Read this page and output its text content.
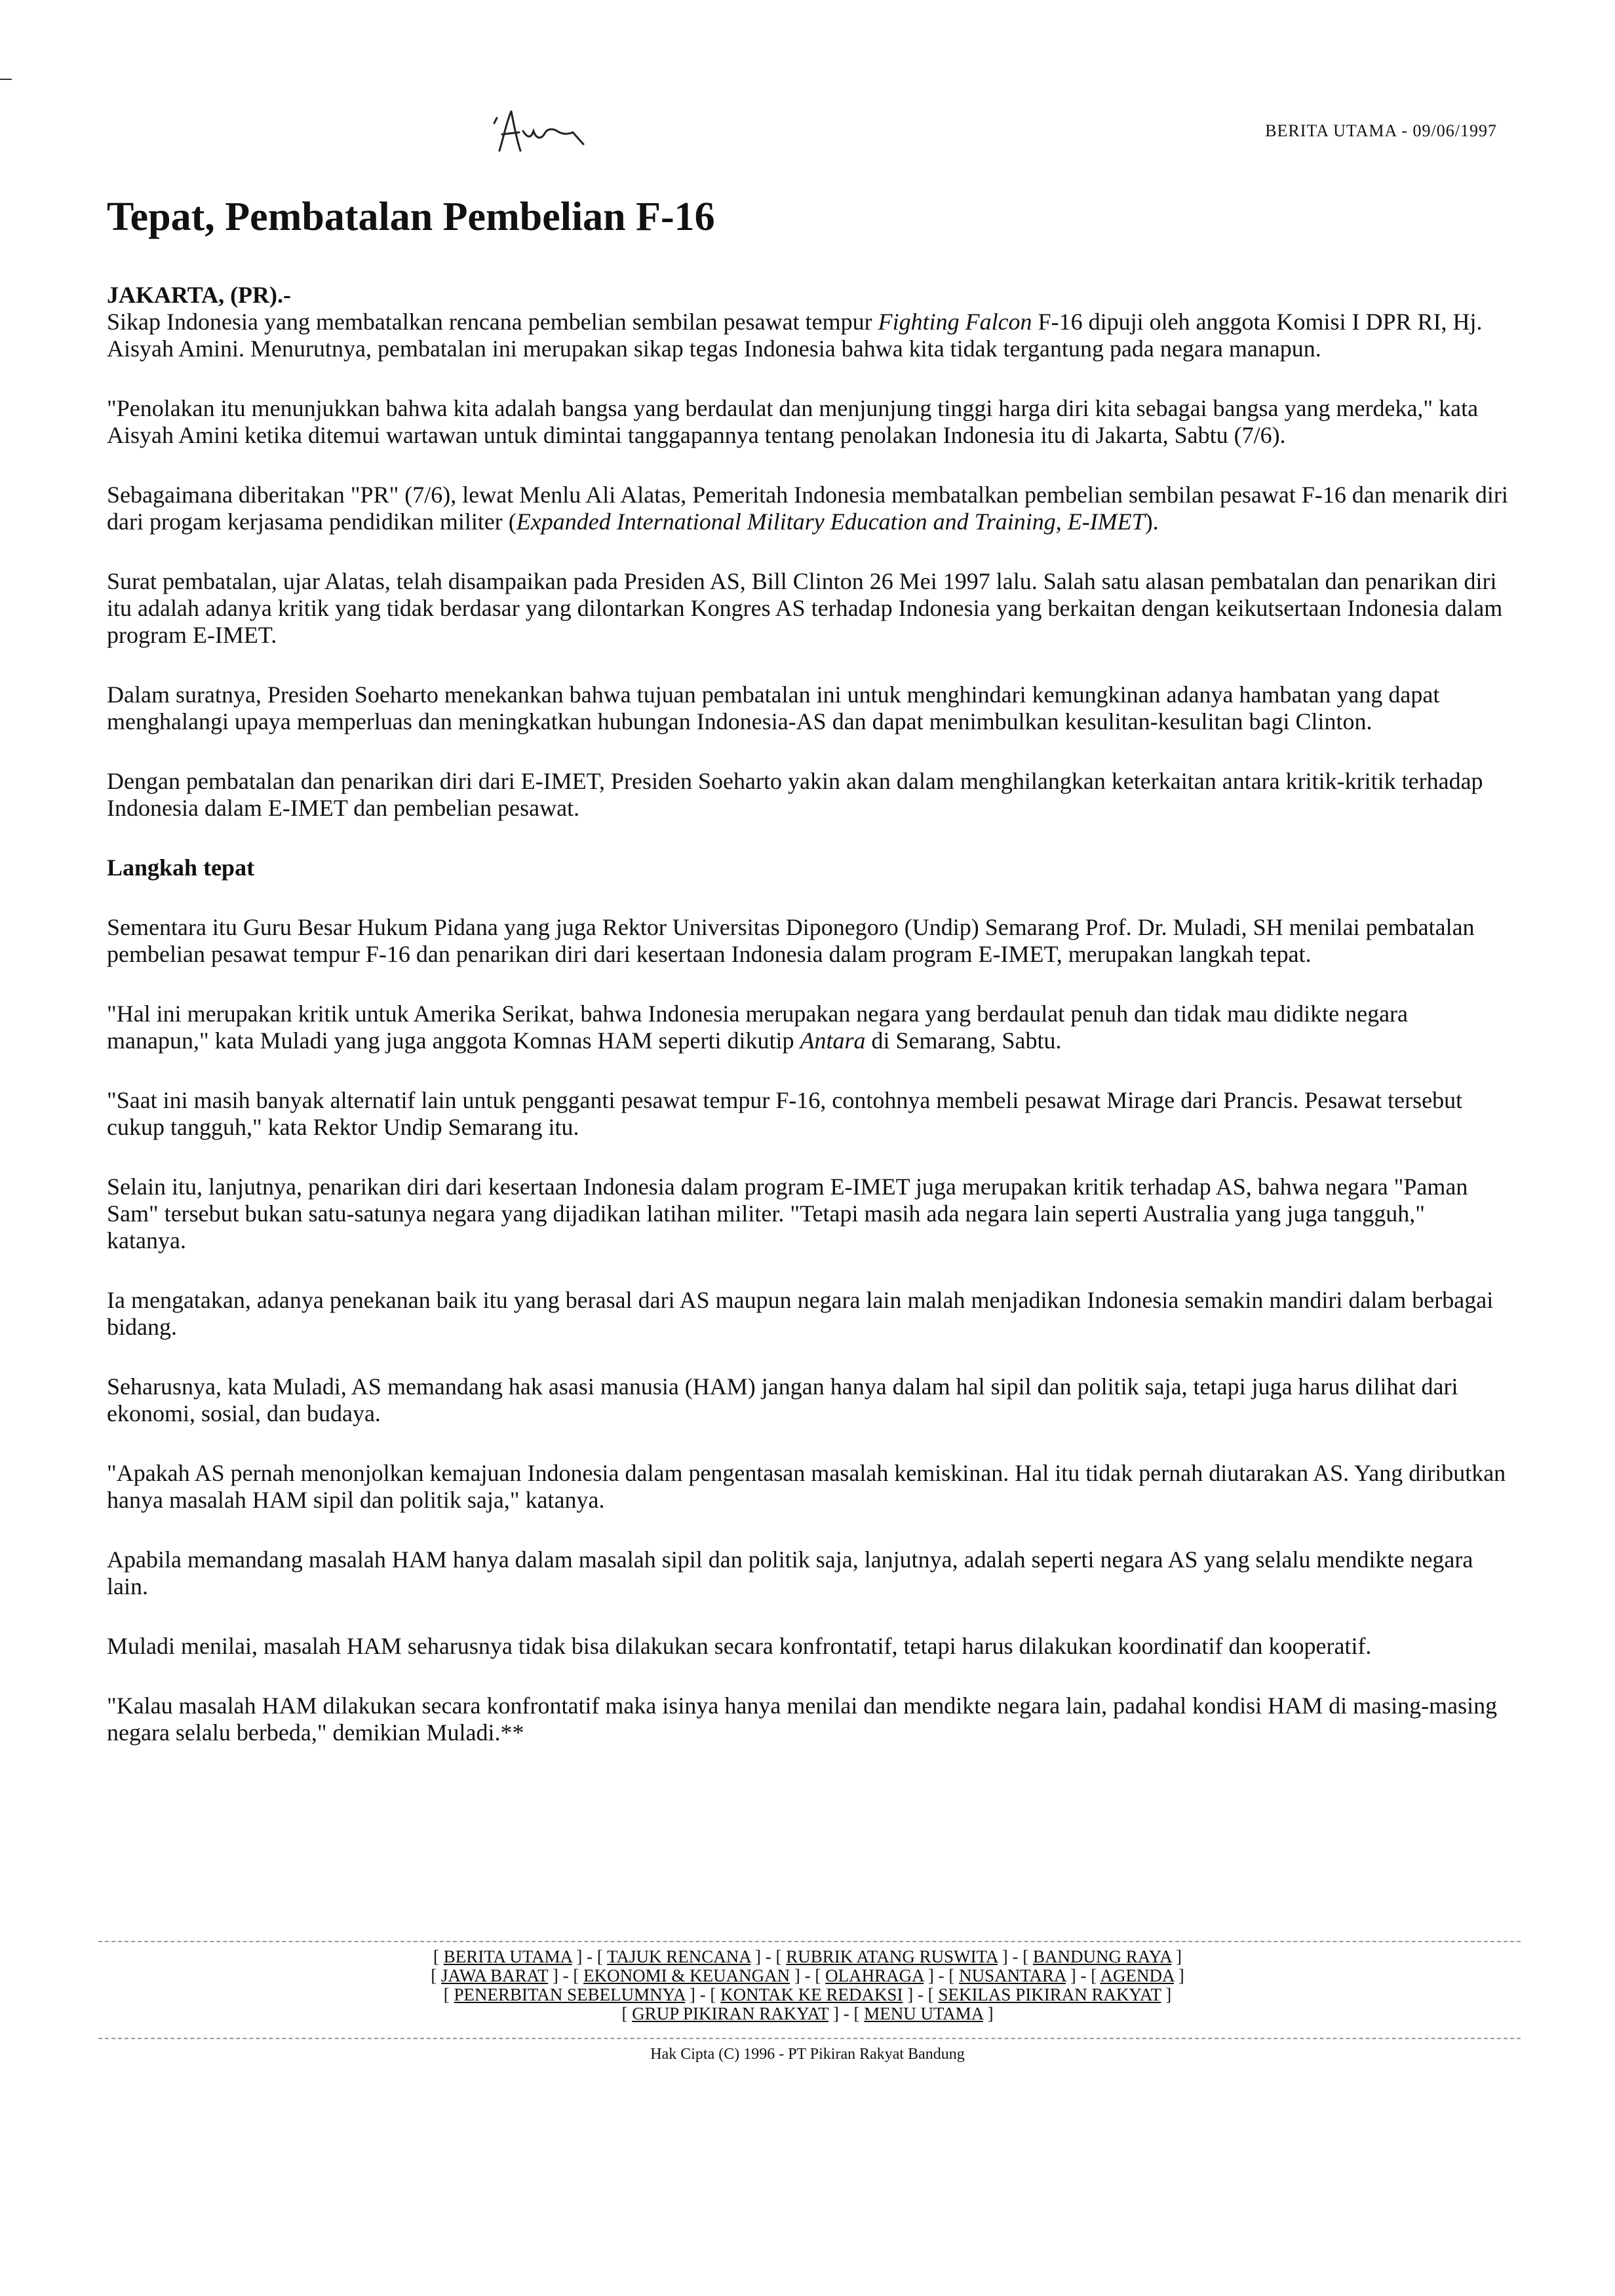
BERITA UTAMA - 09/06/1997
Tepat, Pembatalan Pembelian F-16
JAKARTA, (PR).-

Sikap Indonesia yang membatalkan rencana pembelian sembilan pesawat tempur Fighting Falcon F-16 dipuji oleh anggota Komisi I DPR RI, Hj. Aisyah Amini. Menurutnya, pembatalan ini merupakan sikap tegas Indonesia bahwa kita tidak tergantung pada negara manapun.

"Penolakan itu menunjukkan bahwa kita adalah bangsa yang berdaulat dan menjunjung tinggi harga diri kita sebagai bangsa yang merdeka," kata Aisyah Amini ketika ditemui wartawan untuk dimintai tanggapannya tentang penolakan Indonesia itu di Jakarta, Sabtu (7/6).

Sebagaimana diberitakan "PR" (7/6), lewat Menlu Ali Alatas, Pemeritah Indonesia membatalkan pembelian sembilan pesawat F-16 dan menarik diri dari progam kerjasama pendidikan militer (Expanded International Military Education and Training, E-IMET).

Surat pembatalan, ujar Alatas, telah disampaikan pada Presiden AS, Bill Clinton 26 Mei 1997 lalu. Salah satu alasan pembatalan dan penarikan diri itu adalah adanya kritik yang tidak berdasar yang dilontarkan Kongres AS terhadap Indonesia yang berkaitan dengan keikutsertaan Indonesia dalam program E-IMET.

Dalam suratnya, Presiden Soeharto menekankan bahwa tujuan pembatalan ini untuk menghindari kemungkinan adanya hambatan yang dapat menghalangi upaya memperluas dan meningkatkan hubungan Indonesia-AS dan dapat menimbulkan kesulitan-kesulitan bagi Clinton.

Dengan pembatalan dan penarikan diri dari E-IMET, Presiden Soeharto yakin akan dalam menghilangkan keterkaitan antara kritik-kritik terhadap Indonesia dalam E-IMET dan pembelian pesawat.

Langkah tepat

Sementara itu Guru Besar Hukum Pidana yang juga Rektor Universitas Diponegoro (Undip) Semarang Prof. Dr. Muladi, SH menilai pembatalan pembelian pesawat tempur F-16 dan penarikan diri dari kesertaan Indonesia dalam program E-IMET, merupakan langkah tepat.

"Hal ini merupakan kritik untuk Amerika Serikat, bahwa Indonesia merupakan negara yang berdaulat penuh dan tidak mau didikte negara manapun," kata Muladi yang juga anggota Komnas HAM seperti dikutip Antara di Semarang, Sabtu.

"Saat ini masih banyak alternatif lain untuk pengganti pesawat tempur F-16, contohnya membeli pesawat Mirage dari Prancis. Pesawat tersebut cukup tangguh," kata Rektor Undip Semarang itu.

Selain itu, lanjutnya, penarikan diri dari kesertaan Indonesia dalam program E-IMET juga merupakan kritik terhadap AS, bahwa negara "Paman Sam" tersebut bukan satu-satunya negara yang dijadikan latihan militer. "Tetapi masih ada negara lain seperti Australia yang juga tangguh," katanya.

Ia mengatakan, adanya penekanan baik itu yang berasal dari AS maupun negara lain malah menjadikan Indonesia semakin mandiri dalam berbagai bidang.

Seharusnya, kata Muladi, AS memandang hak asasi manusia (HAM) jangan hanya dalam hal sipil dan politik saja, tetapi juga harus dilihat dari ekonomi, sosial, dan budaya.

"Apakah AS pernah menonjolkan kemajuan Indonesia dalam pengentasan masalah kemiskinan. Hal itu tidak pernah diutarakan AS. Yang diributkan hanya masalah HAM sipil dan politik saja," katanya.

Apabila memandang masalah HAM hanya dalam masalah sipil dan politik saja, lanjutnya, adalah seperti negara AS yang selalu mendikte negara lain.

Muladi menilai, masalah HAM seharusnya tidak bisa dilakukan secara konfrontatif, tetapi harus dilakukan koordinatif dan kooperatif.

"Kalau masalah HAM dilakukan secara konfrontatif maka isinya hanya menilai dan mendikte negara lain, padahal kondisi HAM di masing-masing negara selalu berbeda," demikian Muladi.**

[ BERITA UTAMA ] - [ TAJUK RENCANA ] - [ RUBRIK ATANG RUSWITA ] - [ BANDUNG RAYA ]
[ JAWA BARAT ] - [ EKONOMI & KEUANGAN ] - [ OLAHRAGA ] - [ NUSANTARA ] - [ AGENDA ]
[ PENERBITAN SEBELUMNYA ] - [ KONTAK KE REDAKSI ] - [ SEKILAS PIKIRAN RAKYAT ]
[ GRUP PIKIRAN RAKYAT ] - [ MENU UTAMA ]
Hak Cipta (C) 1996 - PT Pikiran Rakyat Bandung
